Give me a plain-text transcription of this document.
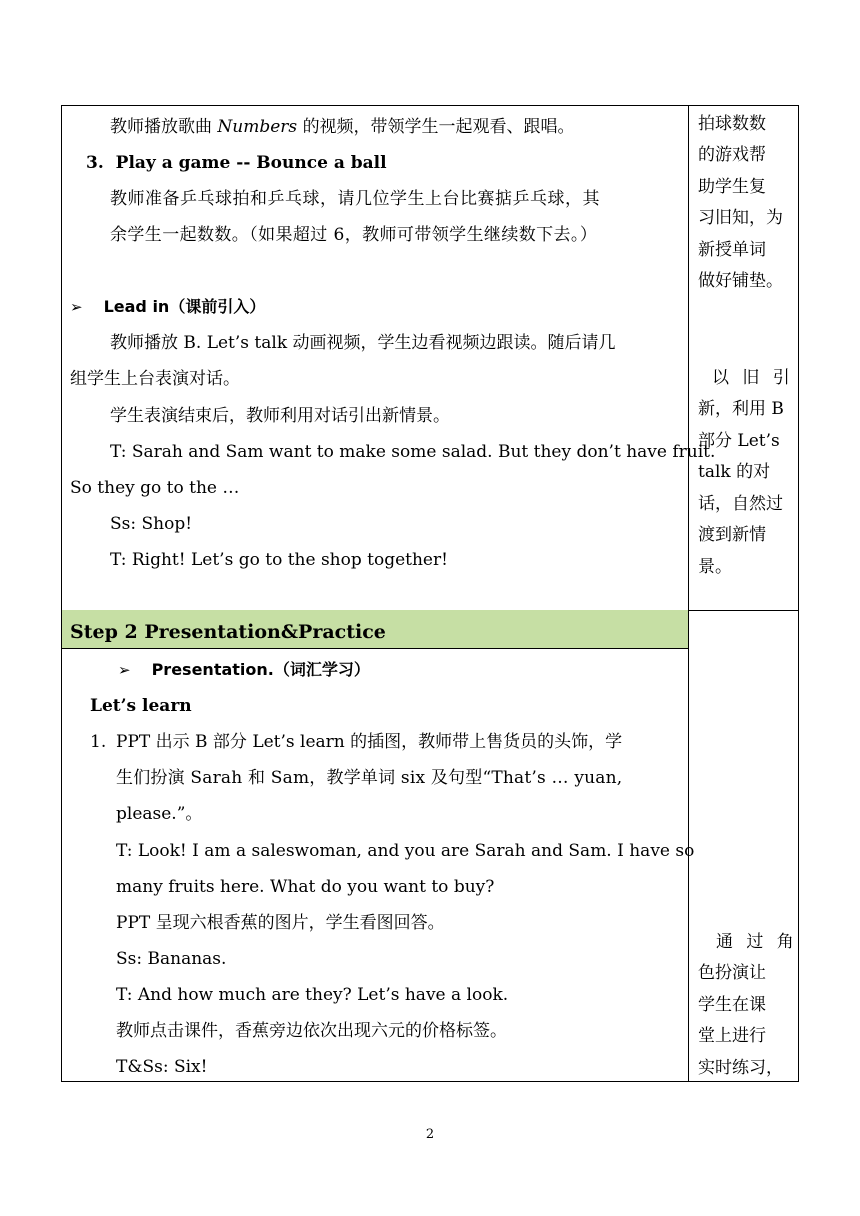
教师播放歌曲 Numbers 的视频，带领学生一起观看、跟唱。
3. Play a game -- Bounce a ball
教师准备乒乓球拍和乒乓球，请几位学生上台比赛掂乒乓球，其
余学生一起数数。（如果超过 6，教师可带领学生继续数下去。）
➢ Lead in（课前引入）
教师播放 B. Let’s talk 动画视频，学生边看视频边跟读。随后请几
组学生上台表演对话。
学生表演结束后，教师利用对话引出新情景。
T: Sarah and Sam want to make some salad. But they don’t have fruit.
So they go to the …
Ss: Shop!
T: Right! Let’s go to the shop together!
拍球数数
的游戏帮
助学生复
习旧知，为
新授单词
做好铺垫。
以 旧 引
新，利用 B
部分 Let’s
talk 的对
话，自然过
渡到新情
景。
Step 2 Presentation&Practice
➢ Presentation.（词汇学习）
Let’s learn
1. PPT 出示 B 部分 Let’s learn 的插图，教师带上售货员的头饰，学
生们扮演 Sarah 和 Sam，教学单词 six 及句型“That’s … yuan,
please.”。
T: Look! I am a saleswoman, and you are Sarah and Sam. I have so
many fruits here. What do you want to buy?
PPT 呈现六根香蕉的图片，学生看图回答。
Ss: Bananas.
T: And how much are they? Let’s have a look.
教师点击课件，香蕉旁边依次出现六元的价格标签。
T&Ss: Six!
通 过 角
色扮演让
学生在课
堂上进行
实时练习，
2
